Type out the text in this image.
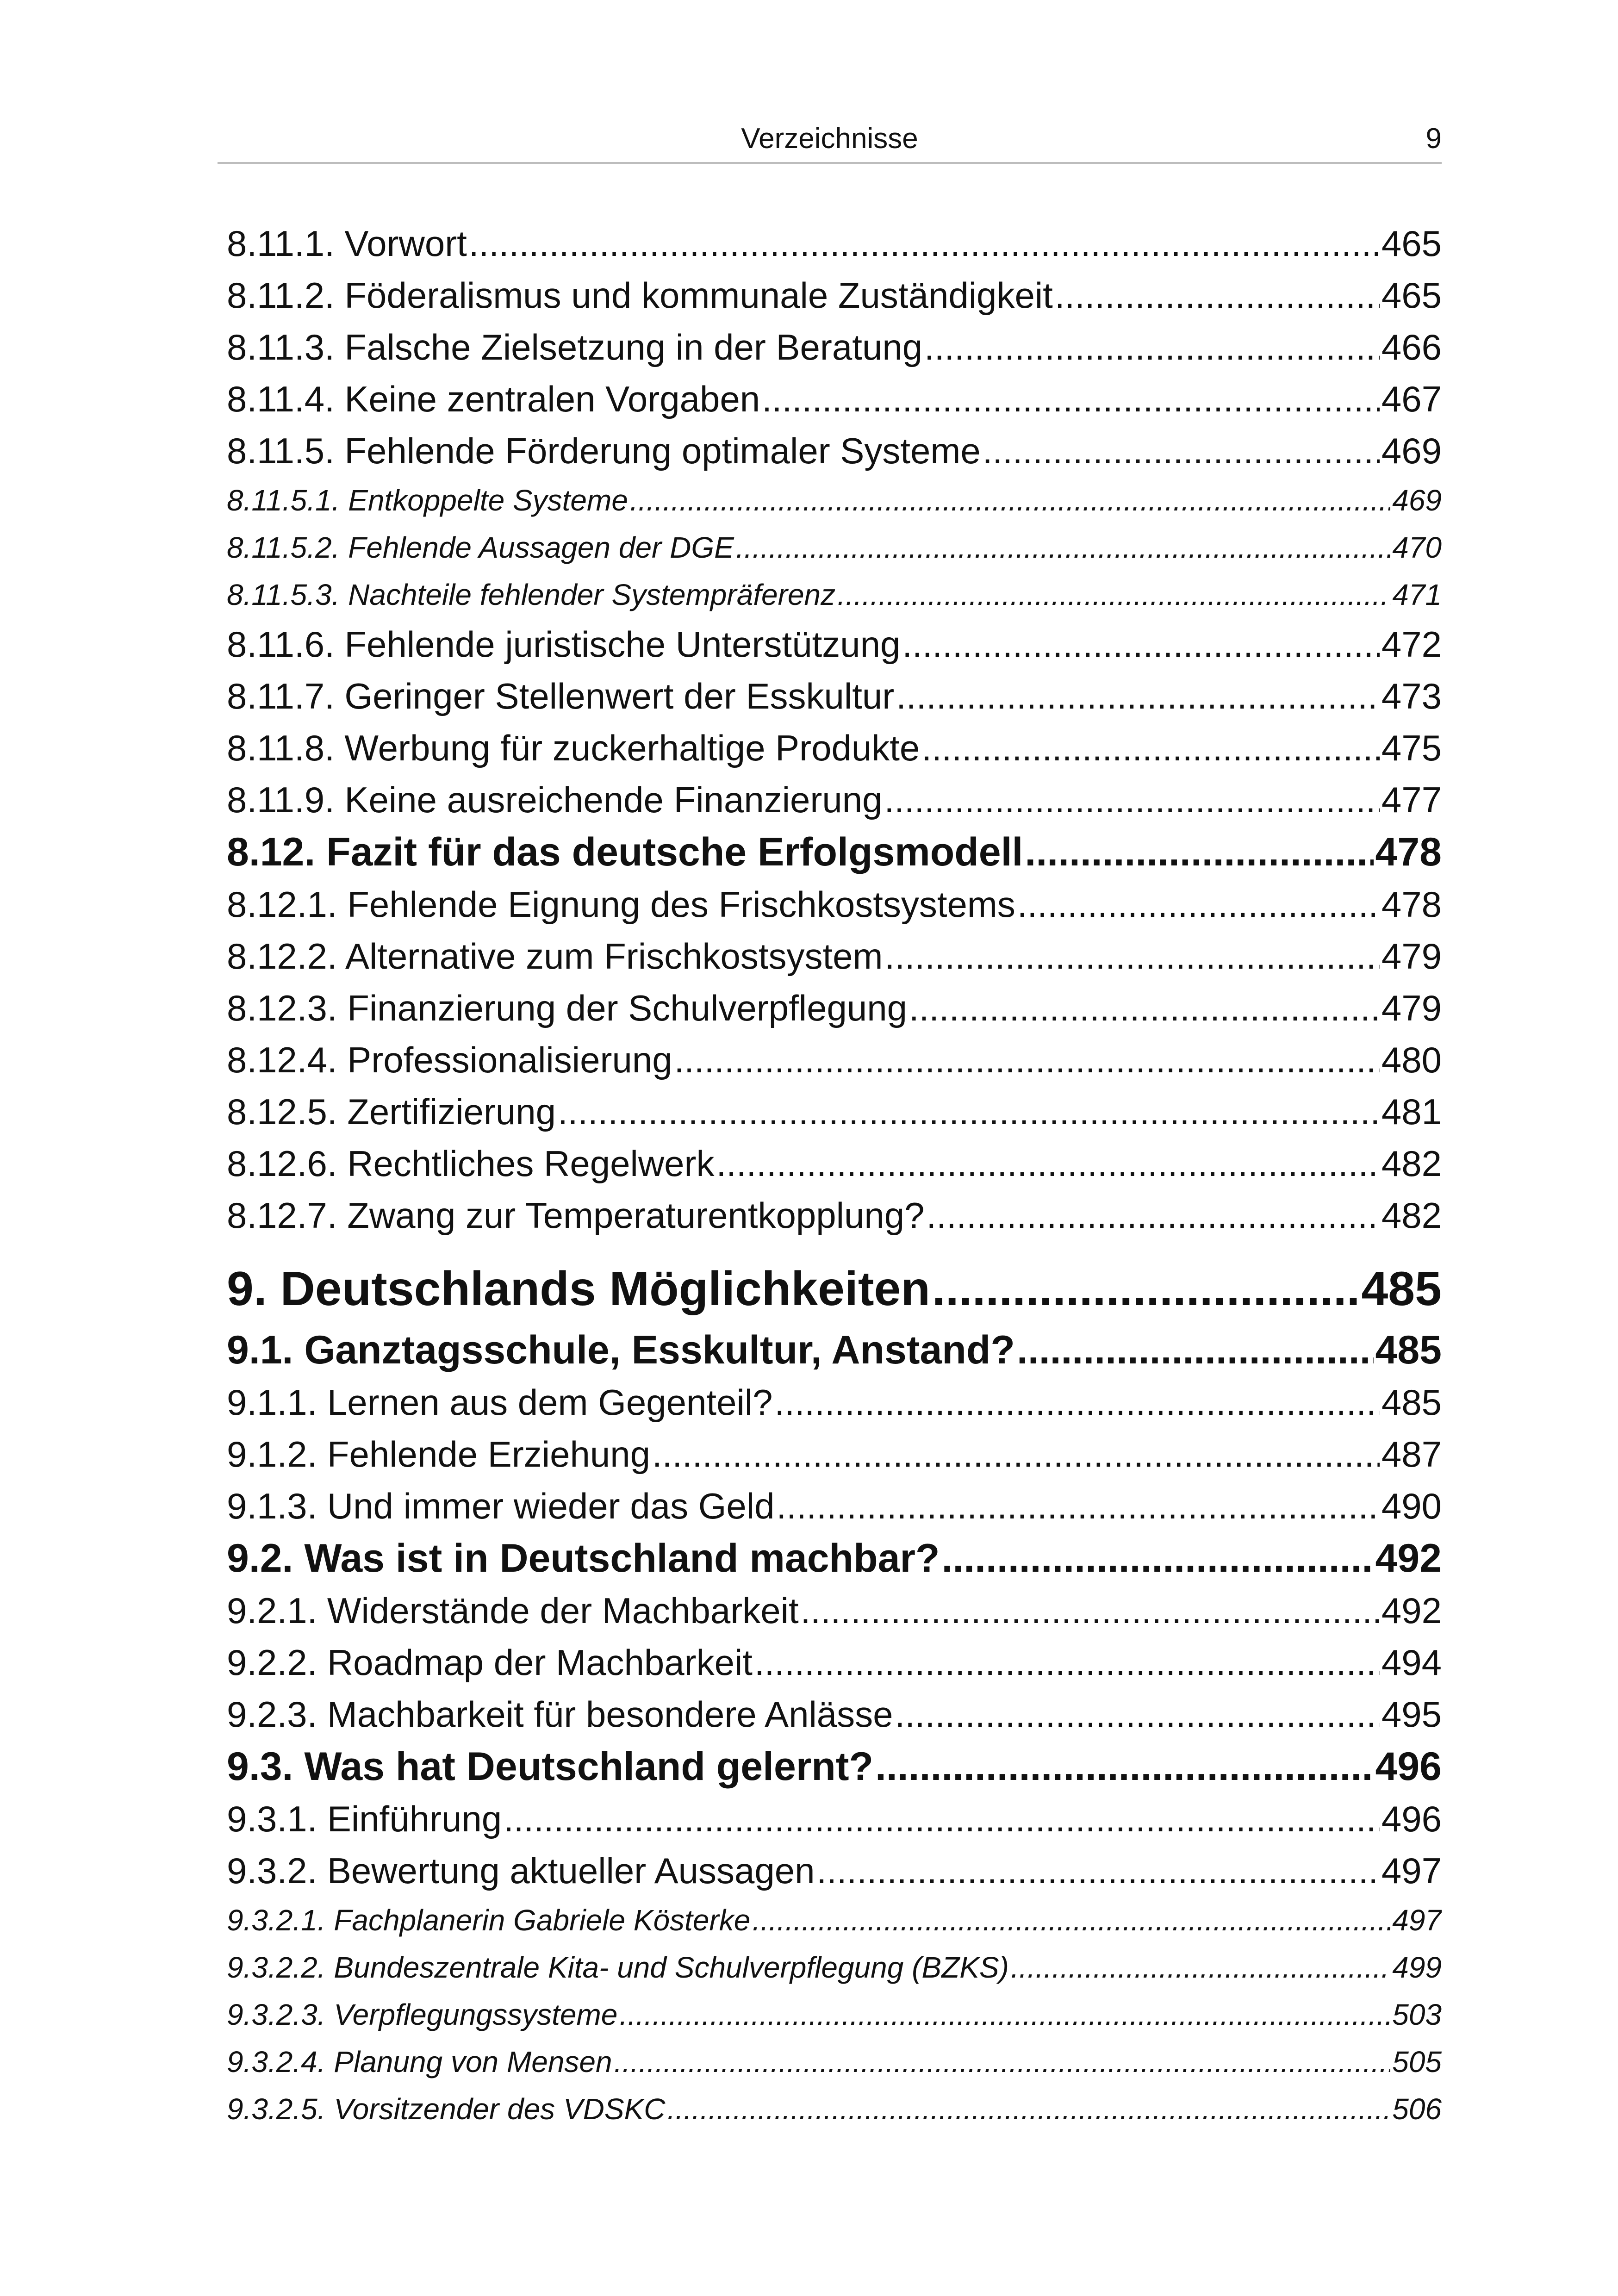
Verzeichnisse	9
8.11.1. Vorwort .....	465
8.11.2. Föderalismus und kommunale Zuständigkeit .....	465
8.11.3. Falsche Zielsetzung in der Beratung .....	466
8.11.4. Keine zentralen Vorgaben .....	467
8.11.5. Fehlende Förderung optimaler Systeme .....	469
8.11.5.1. Entkoppelte Systeme .....	469
8.11.5.2. Fehlende Aussagen der DGE .....	470
8.11.5.3. Nachteile fehlender Systempräferenz .....	471
8.11.6. Fehlende juristische Unterstützung .....	472
8.11.7. Geringer Stellenwert der Esskultur .....	473
8.11.8. Werbung für zuckerhaltige Produkte .....	475
8.11.9. Keine ausreichende Finanzierung .....	477
8.12. Fazit für das deutsche Erfolgsmodell .....	478
8.12.1. Fehlende Eignung des Frischkostsystems .....	478
8.12.2. Alternative zum Frischkostsystem .....	479
8.12.3. Finanzierung der Schulverpflegung .....	479
8.12.4. Professionalisierung .....	480
8.12.5. Zertifizierung .....	481
8.12.6. Rechtliches Regelwerk .....	482
8.12.7. Zwang zur Temperaturentkopplung? .....	482
9. Deutschlands Möglichkeiten .....	485
9.1. Ganztagsschule, Esskultur, Anstand? .....	485
9.1.1. Lernen aus dem Gegenteil? .....	485
9.1.2. Fehlende Erziehung .....	487
9.1.3. Und immer wieder das Geld .....	490
9.2. Was ist in Deutschland machbar? .....	492
9.2.1. Widerstände der Machbarkeit .....	492
9.2.2. Roadmap der Machbarkeit .....	494
9.2.3. Machbarkeit für besondere Anlässe .....	495
9.3. Was hat Deutschland gelernt? .....	496
9.3.1. Einführung .....	496
9.3.2. Bewertung aktueller Aussagen .....	497
9.3.2.1. Fachplanerin Gabriele Kösterke .....	497
9.3.2.2. Bundeszentrale Kita- und Schulverpflegung (BZKS) .....	499
9.3.2.3. Verpflegungssysteme .....	503
9.3.2.4. Planung von Mensen .....	505
9.3.2.5. Vorsitzender des VDSKC .....	506
